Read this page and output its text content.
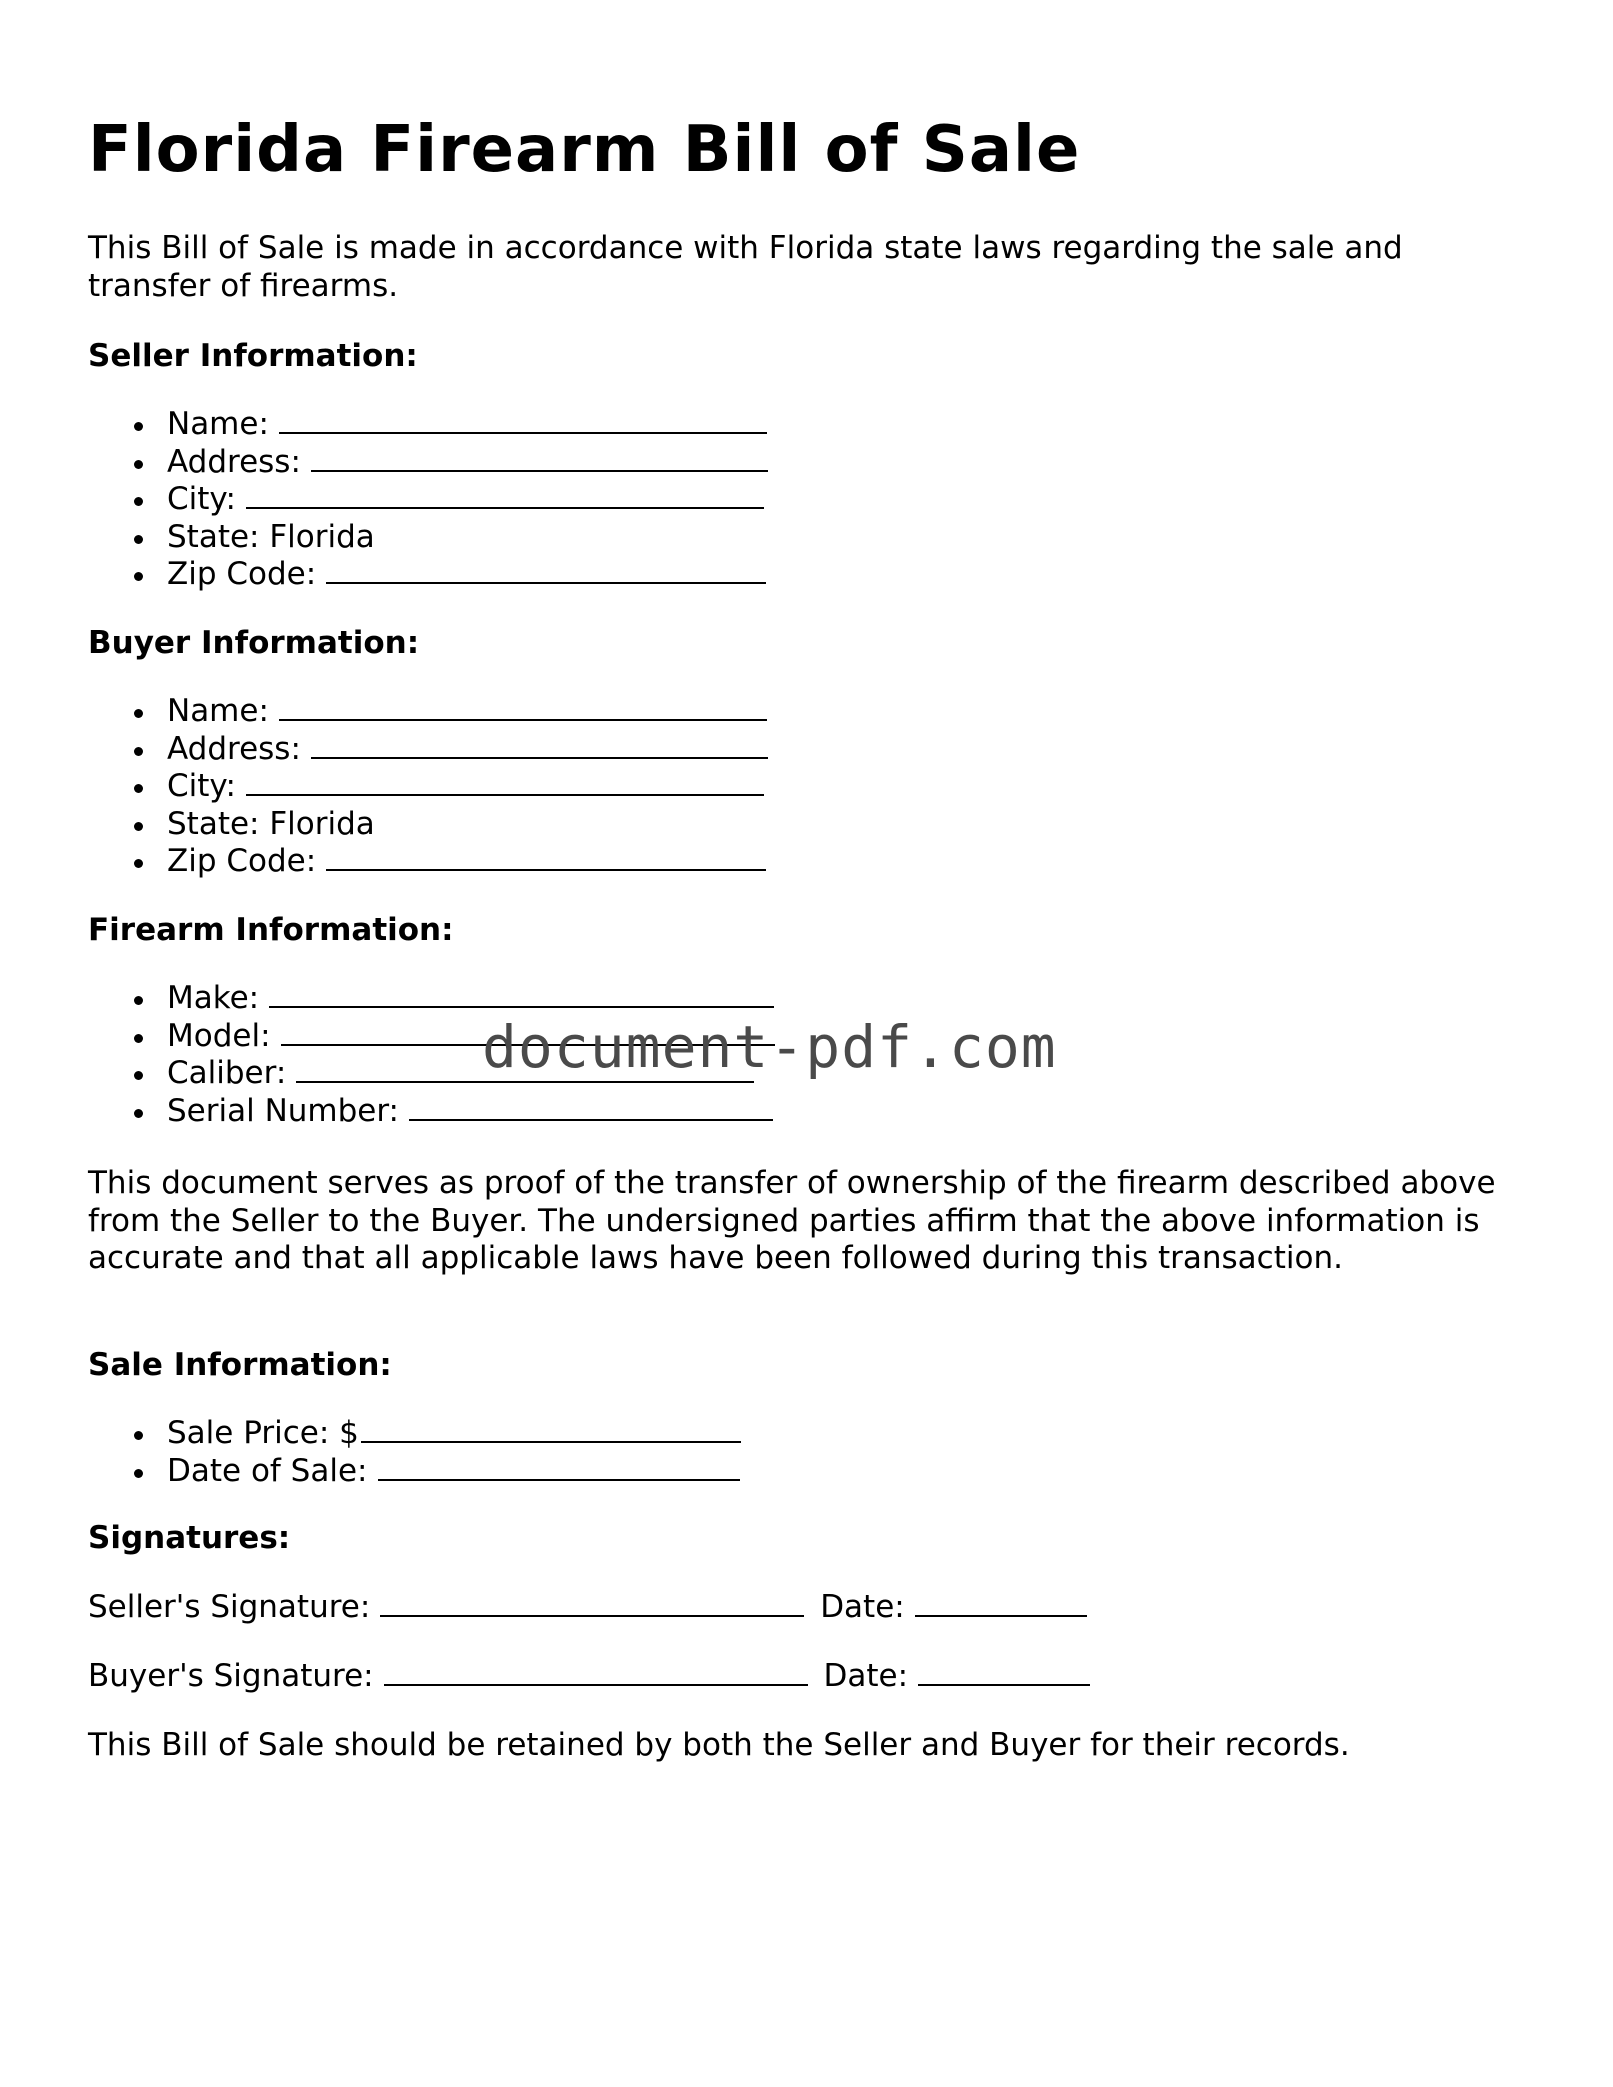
Florida Firearm Bill of Sale

This Bill of Sale is made in accordance with Florida state laws regarding the sale and transfer of firearms.

Seller Information:

Name:
Address:
City:
State: Florida
Zip Code:

Buyer Information:

Name:
Address:
City:
State: Florida
Zip Code:

Firearm Information:

Make:
Model:
Caliber:
Serial Number:

This document serves as proof of the transfer of ownership of the firearm described above from the Seller to the Buyer. The undersigned parties affirm that the above information is accurate and that all applicable laws have been followed during this transaction.

Sale Information:

Sale Price: $
Date of Sale:

Signatures:

Seller's Signature:	Date:
Buyer's Signature:	Date:

This Bill of Sale should be retained by both the Seller and Buyer for their records.

document-pdf.com
